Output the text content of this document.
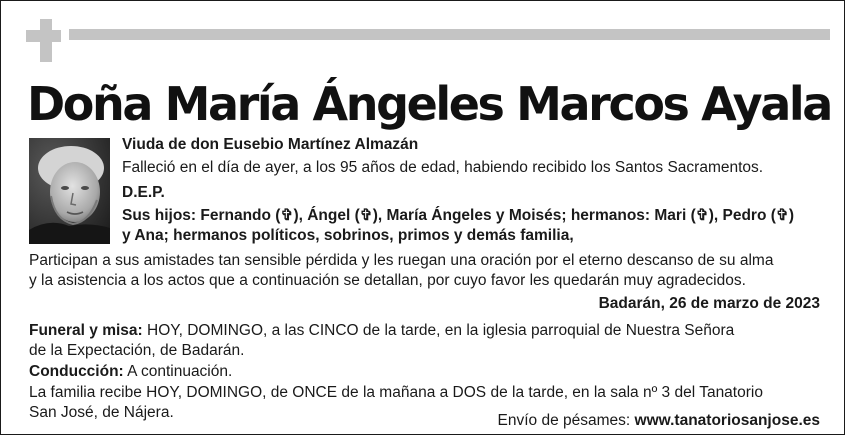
Doña María Ángeles Marcos Ayala
Viuda de don Eusebio Martínez Almazán
Falleció en el día de ayer, a los 95 años de edad, habiendo recibido los Santos Sacramentos.
D.E.P.
Sus hijos: Fernando (✞), Ángel (✞), María Ángeles y Moisés; hermanos: Mari (✞), Pedro (✞)
y Ana; hermanos políticos, sobrinos, primos y demás familia,
Participan a sus amistades tan sensible pérdida y les ruegan una oración por el eterno descanso de su alma
y la asistencia a los actos que a continuación se detallan, por cuyo favor les quedarán muy agradecidos.
Badarán, 26 de marzo de 2023
Funeral y misa: HOY, DOMINGO, a las CINCO de la tarde, en la iglesia parroquial de Nuestra Señora
de la Expectación, de Badarán.
Conducción: A continuación.
La familia recibe HOY, DOMINGO, de ONCE de la mañana a DOS de la tarde, en la sala nº 3 del Tanatorio
San José, de Nájera.	Envío de pésames: www.tanatoriosanjose.es
